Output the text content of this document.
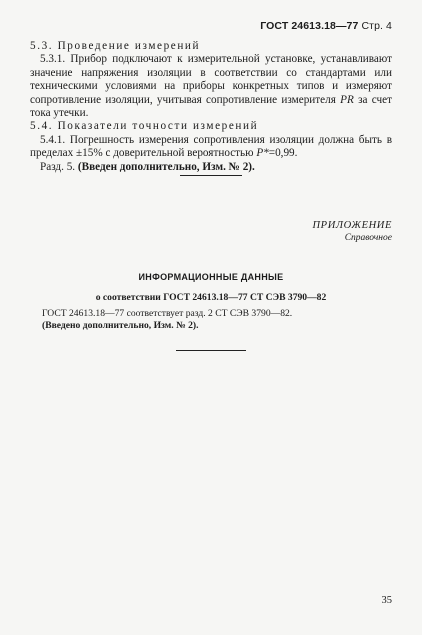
ГОСТ 24613.18—77 Стр. 4

5.3. Проведение измерений

5.3.1. Прибор подключают к измерительной установке, устанавливают значение напряжения изоляции в соответствии со стандартами или техническими условиями на приборы конкретных типов и измеряют сопротивление изоляции, учитывая сопротивление измерителя PR за счет тока утечки.

5.4. Показатели точности измерений

5.4.1. Погрешность измерения сопротивления изоляции должна быть в пределах ±15% с доверительной вероятностью P*=0,99.

Разд. 5. (Введен дополнительно, Изм. № 2).

ПРИЛОЖЕНИЕ
Справочное
ИНФОРМАЦИОННЫЕ ДАННЫЕ
о соответствии ГОСТ 24613.18—77 СТ СЭВ 3790—82

ГОСТ 24613.18—77 соответствует разд. 2 СТ СЭВ 3790—82.

(Введено дополнительно, Изм. № 2).

35
